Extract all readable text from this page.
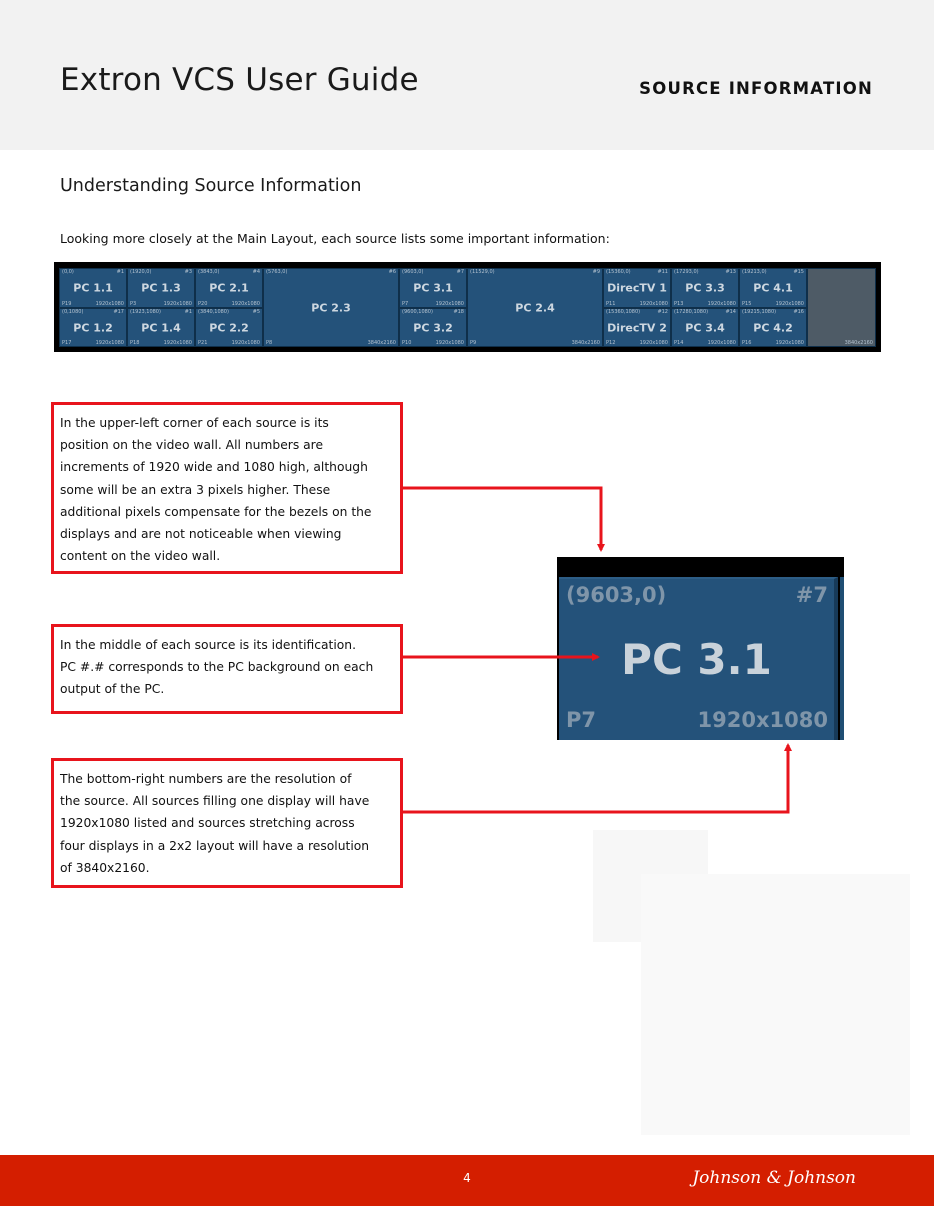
Extron VCS User Guide	SOURCE INFORMATION
Understanding Source Information
Looking more closely at the Main Layout, each source lists some important information:
(0,0)	#1
PC 1.1
P19	1920x1080
(0,1080)	#17
PC 1.2
P17	1920x1080
(1920,0)	#3
PC 1.3
P3	1920x1080
(1923,1080)	#1
PC 1.4
P18	1920x1080
(3843,0)	#4
PC 2.1
P20	1920x1080
(3840,1080)	#5
PC 2.2
P21	1920x1080
(5763,0)	#6
PC 2.3
P8	3840x2160
(9603,0)	#7
PC 3.1
P7	1920x1080
(9600,1080)	#18
PC 3.2
P10	1920x1080
(11529,0)	#9
PC 2.4
P9	3840x2160
(15360,0)	#11
DirecTV 1
P11	1920x1080
(15360,1080)	#12
DirecTV 2
P12	1920x1080
(17293,0)	#13
PC 3.3
P13	1920x1080
(17280,1080)	#14
PC 3.4
P14	1920x1080
(19213,0)	#15
PC 4.1
P15	1920x1080
(19215,1080)	#16
PC 4.2
P16	1920x1080	3840x2160

In the upper-left corner of each source is its
position on the video wall. All numbers are
increments of 1920 wide and 1080 high, although
some will be an extra 3 pixels higher. These
additional pixels compensate for the bezels on the
displays and are not noticeable when viewing
content on the video wall.

In the middle of each source is its identification.
PC #.# corresponds to the PC background on each
output of the PC.

The bottom-right numbers are the resolution of
the source. All sources filling one display will have
1920x1080 listed and sources stretching across
four displays in a 2x2 layout will have a resolution
of 3840x2160.

(9603,0)	#7
PC 3.1
P7	1920x1080
4	Johnson & Johnson
